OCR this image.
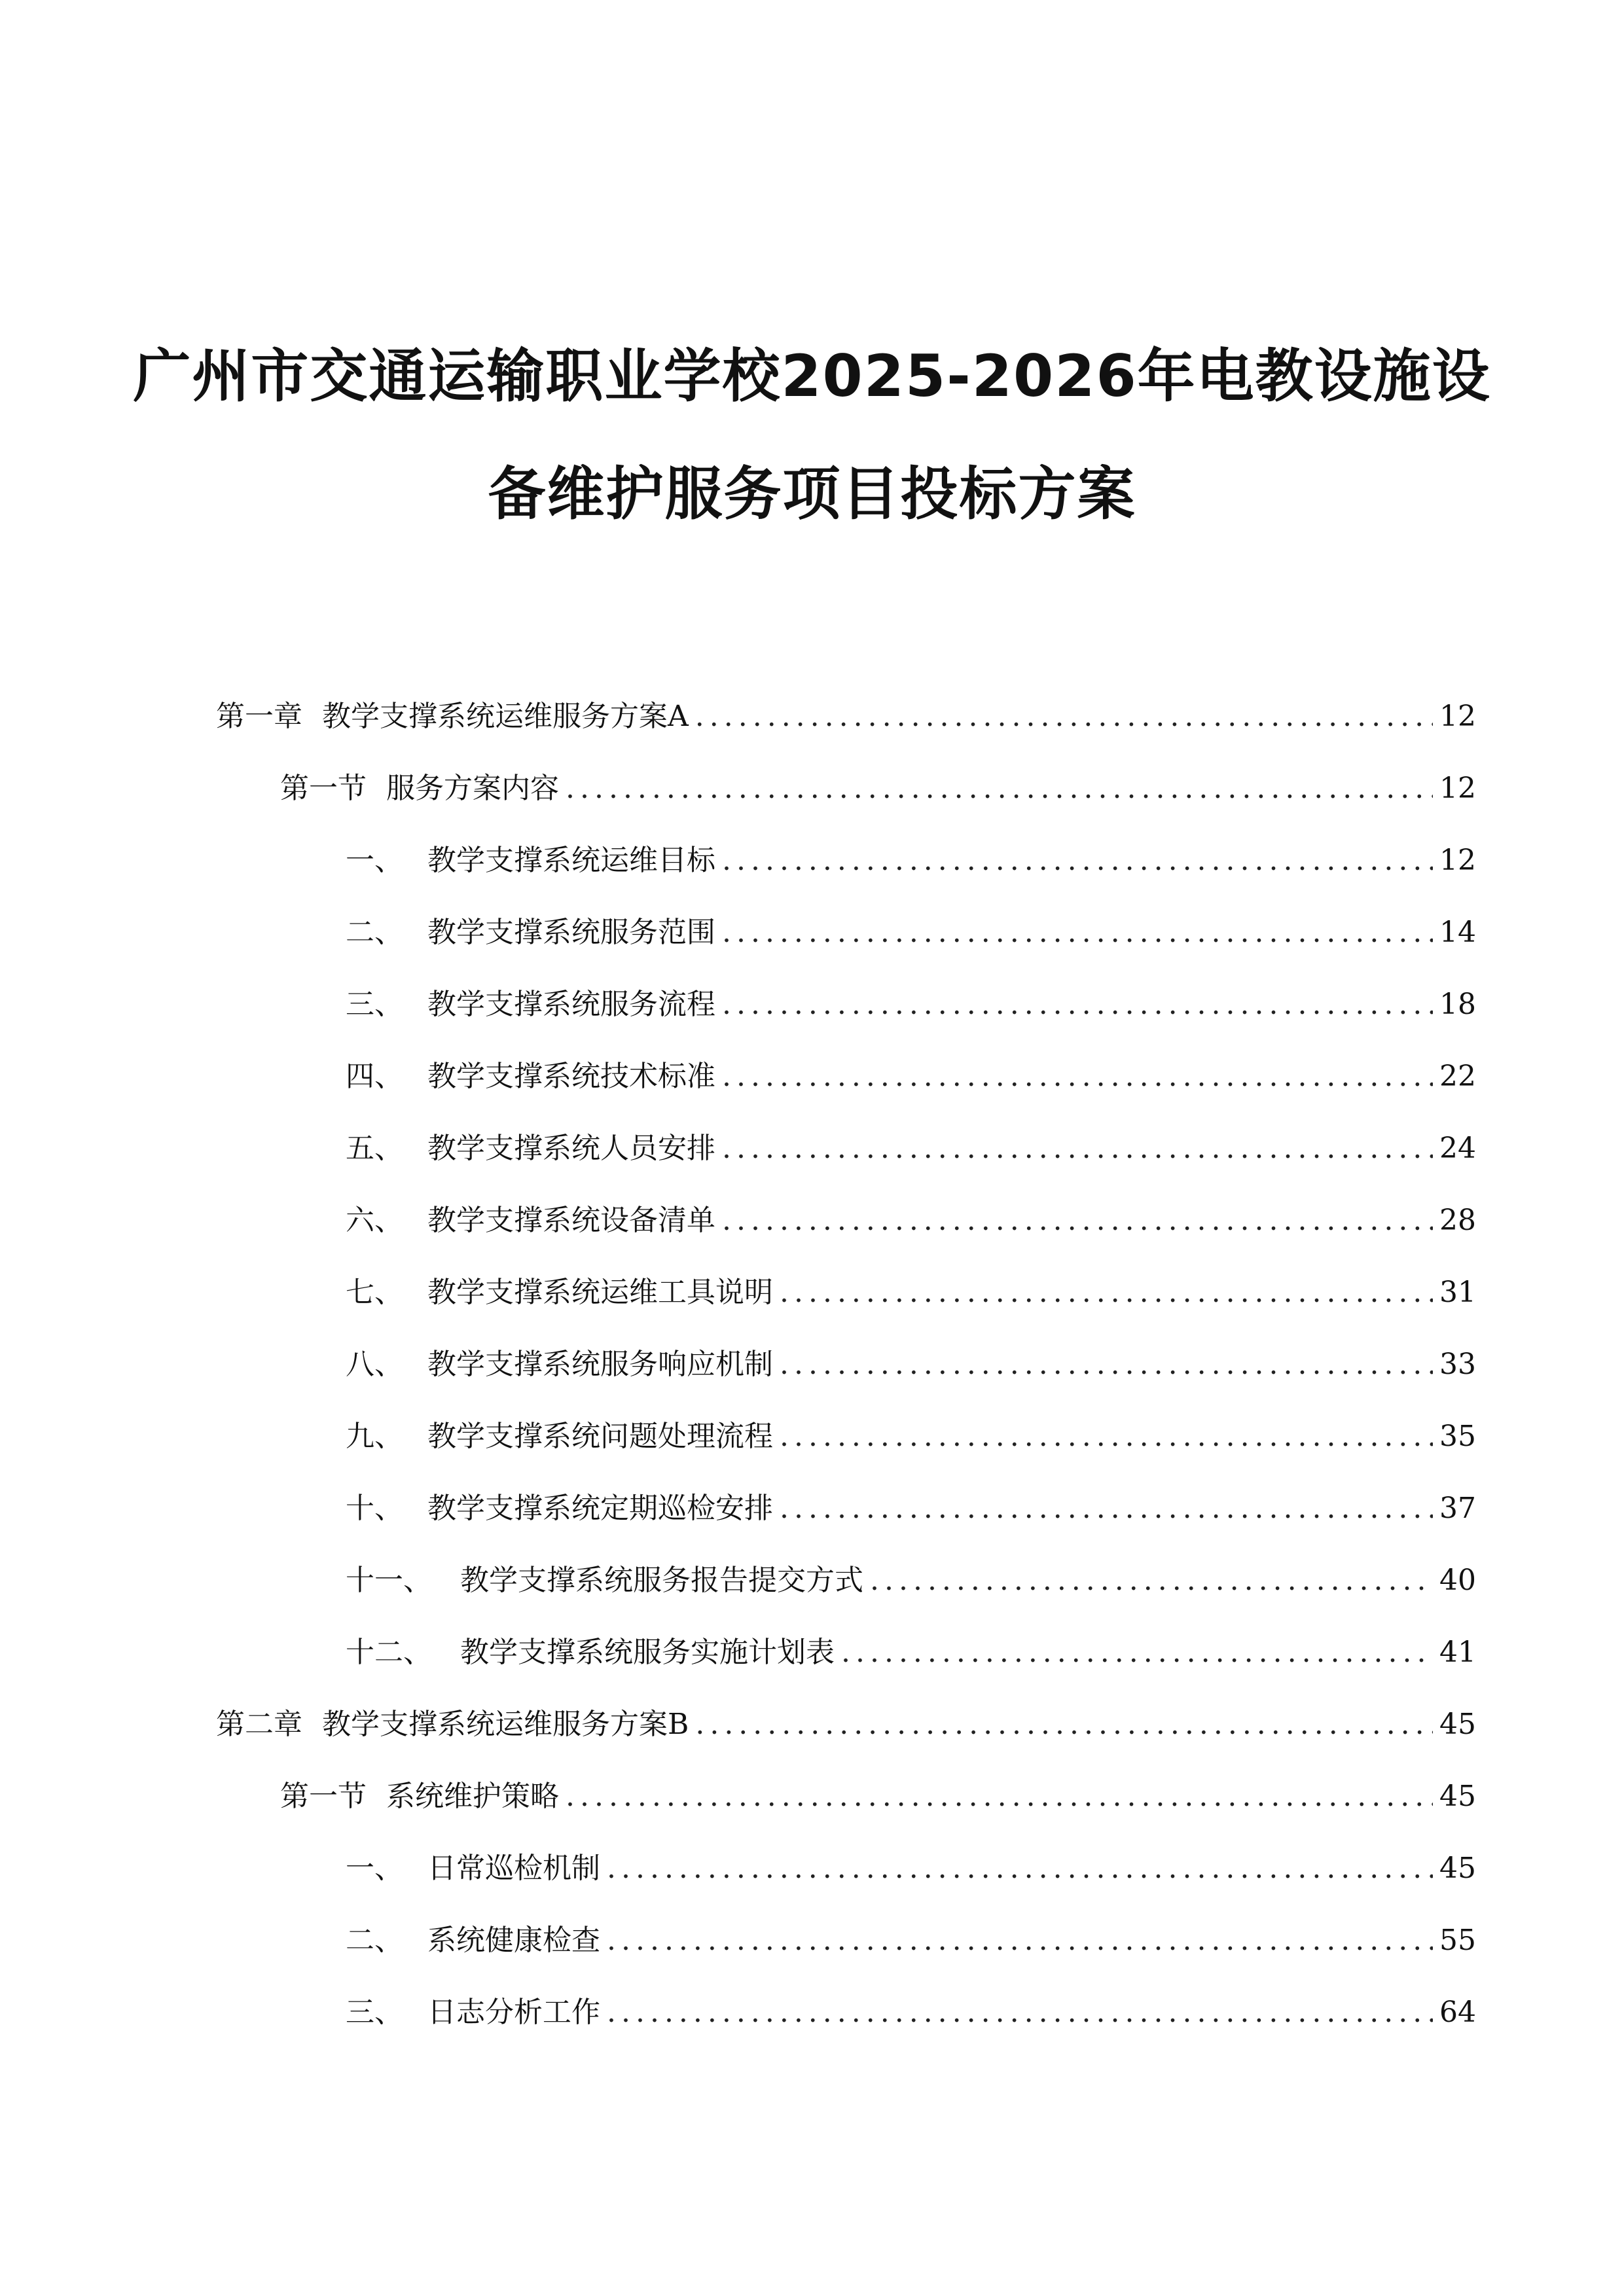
广州市交通运输职业学校2025-2026年电教设施设
备维护服务项目投标方案
第一章 教学支撑系统运维服务方案A .....	12
第一节 服务方案内容 .....	12
一、 教学支撑系统运维目标 .....	12
二、 教学支撑系统服务范围 .....	14
三、 教学支撑系统服务流程 .....	18
四、 教学支撑系统技术标准 .....	22
五、 教学支撑系统人员安排 .....	24
六、 教学支撑系统设备清单 .....	28
七、 教学支撑系统运维工具说明 .....	31
八、 教学支撑系统服务响应机制 .....	33
九、 教学支撑系统问题处理流程 .....	35
十、 教学支撑系统定期巡检安排 .....	37
十一、 教学支撑系统服务报告提交方式 .....	40
十二、 教学支撑系统服务实施计划表 .....	41
第二章 教学支撑系统运维服务方案B .....	45
第一节 系统维护策略 .....	45
一、 日常巡检机制 .....	45
二、 系统健康检查 .....	55
三、 日志分析工作 .....	64
